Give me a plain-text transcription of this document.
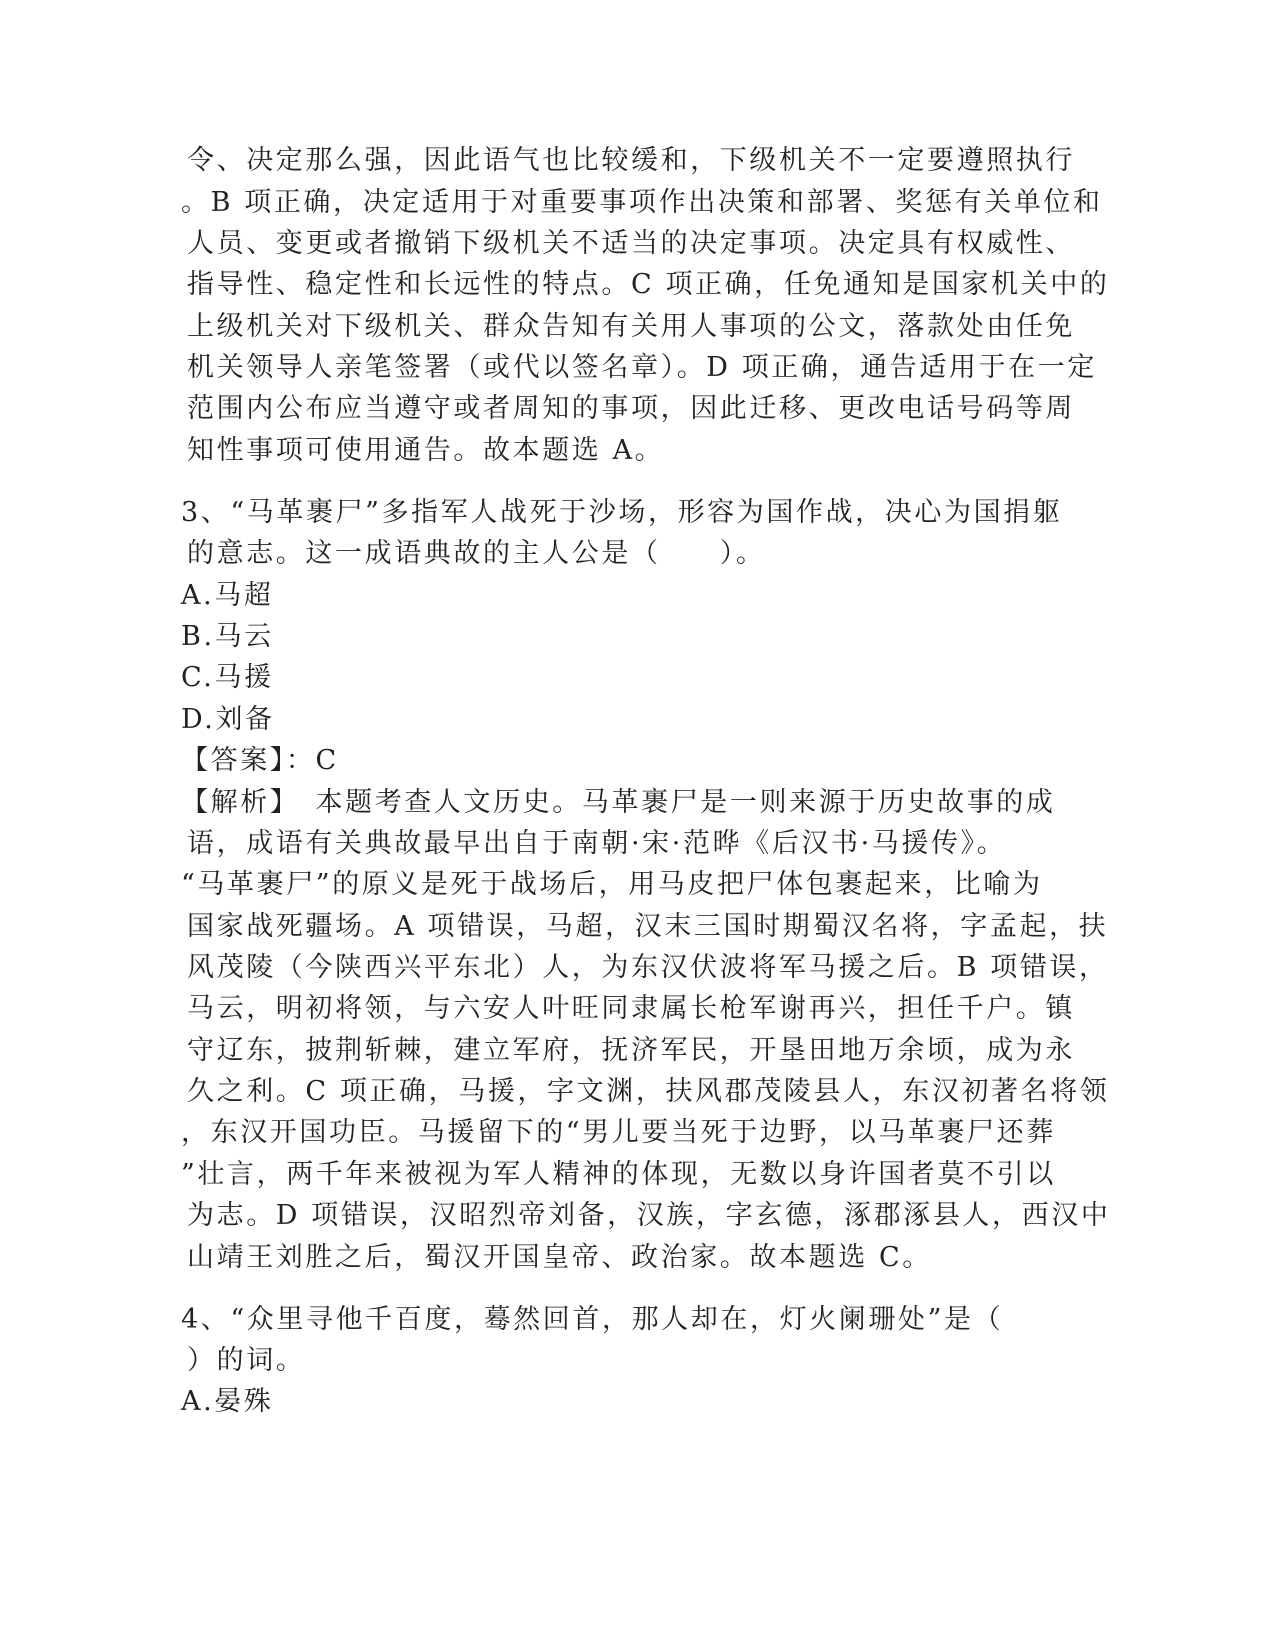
令、决定那么强，因此语气也比较缓和，下级机关不一定要遵照执行
。B 项正确，决定适用于对重要事项作出决策和部署、奖惩有关单位和
人员、变更或者撤销下级机关不适当的决定事项。决定具有权威性、
指导性、稳定性和长远性的特点。C 项正确，任免通知是国家机关中的
上级机关对下级机关、群众告知有关用人事项的公文，落款处由任免
机关领导人亲笔签署（或代以签名章）。D 项正确，通告适用于在一定
范围内公布应当遵守或者周知的事项，因此迁移、更改电话号码等周
知性事项可使用通告。故本题选 A。
3、“马革裹尸”多指军人战死于沙场，形容为国作战，决心为国捐躯
的意志。这一成语典故的主人公是（　　）。
A.马超
B.马云
C.马援
D.刘备
【答案】：C
【解析】　本题考查人文历史。马革裹尸是一则来源于历史故事的成
语，成语有关典故最早出自于南朝·宋·范晔《后汉书·马援传》。
“马革裹尸”的原义是死于战场后，用马皮把尸体包裹起来，比喻为
国家战死疆场。A 项错误，马超，汉末三国时期蜀汉名将，字孟起，扶
风茂陵（今陕西兴平东北）人，为东汉伏波将军马援之后。B 项错误，
马云，明初将领，与六安人叶旺同隶属长枪军谢再兴，担任千户。镇
守辽东，披荆斩棘，建立军府，抚济军民，开垦田地万余顷，成为永
久之利。C 项正确，马援，字文渊，扶风郡茂陵县人，东汉初著名将领
，东汉开国功臣。马援留下的“男儿要当死于边野，以马革裹尸还葬
”壮言，两千年来被视为军人精神的体现，无数以身许国者莫不引以
为志。D 项错误，汉昭烈帝刘备，汉族，字玄德，涿郡涿县人，西汉中
山靖王刘胜之后，蜀汉开国皇帝、政治家。故本题选 C。
4、“众里寻他千百度，蓦然回首，那人却在，灯火阑珊处”是（
）的词。
A.晏殊
